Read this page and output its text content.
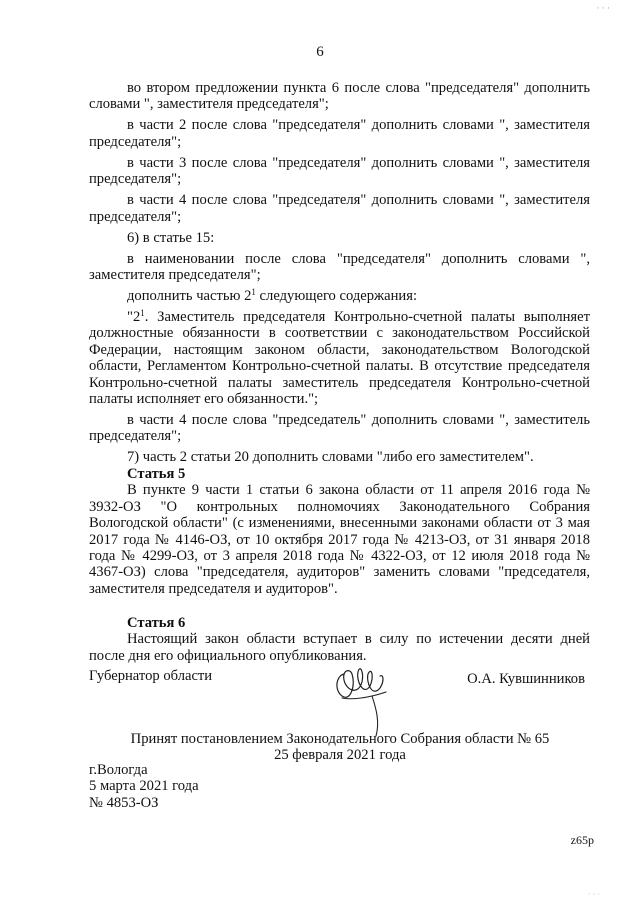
· · ·
6

во втором предложении пункта 6 после слова "председателя" дополнить словами ", заместителя председателя";

в части 2 после слова "председателя" дополнить словами ", заместителя председателя";

в части 3 после слова "председателя" дополнить словами ", заместителя председателя";

в части 4 после слова "председателя" дополнить словами ", заместителя председателя";

6) в статье 15:

в наименовании после слова "председателя" дополнить словами ", заместителя председателя";

дополнить частью $2^1$ следующего содержания:

"$2^1$. Заместитель председателя Контрольно-счетной палаты выполняет должностные обязанности в соответствии с законодательством Российской Федерации, настоящим законом области, законодательством Вологодской области, Регламентом Контрольно-счетной палаты. В отсутствие председателя Контрольно-счетной палаты заместитель председателя Контрольно-счетной палаты исполняет его обязанности.";

в части 4 после слова "председатель" дополнить словами ", заместитель председателя";

7) часть 2 статьи 20 дополнить словами "либо его заместителем".

Статья 5

В пункте 9 части 1 статьи 6 закона области от 11 апреля 2016 года № 3932-ОЗ "О контрольных полномочиях Законодательного Собрания Вологодской области" (с изменениями, внесенными законами области от 3 мая 2017 года № 4146-ОЗ, от 10 октября 2017 года № 4213-ОЗ, от 31 января 2018 года № 4299-ОЗ, от 3 апреля 2018 года № 4322-ОЗ, от 12 июля 2018 года № 4367-ОЗ) слова "председателя, аудиторов" заменить словами "председателя, заместителя председателя и аудиторов".

Статья 6

Настоящий закон области вступает в силу по истечении десяти дней после дня его официального опубликования.

Губернатор области	О.А. Кувшинников
Принят постановлением Законодательного Собрания области № 65
25 февраля 2021 года
г.Вологда
5 марта 2021 года
№ 4853-ОЗ
z65p
· · ·
